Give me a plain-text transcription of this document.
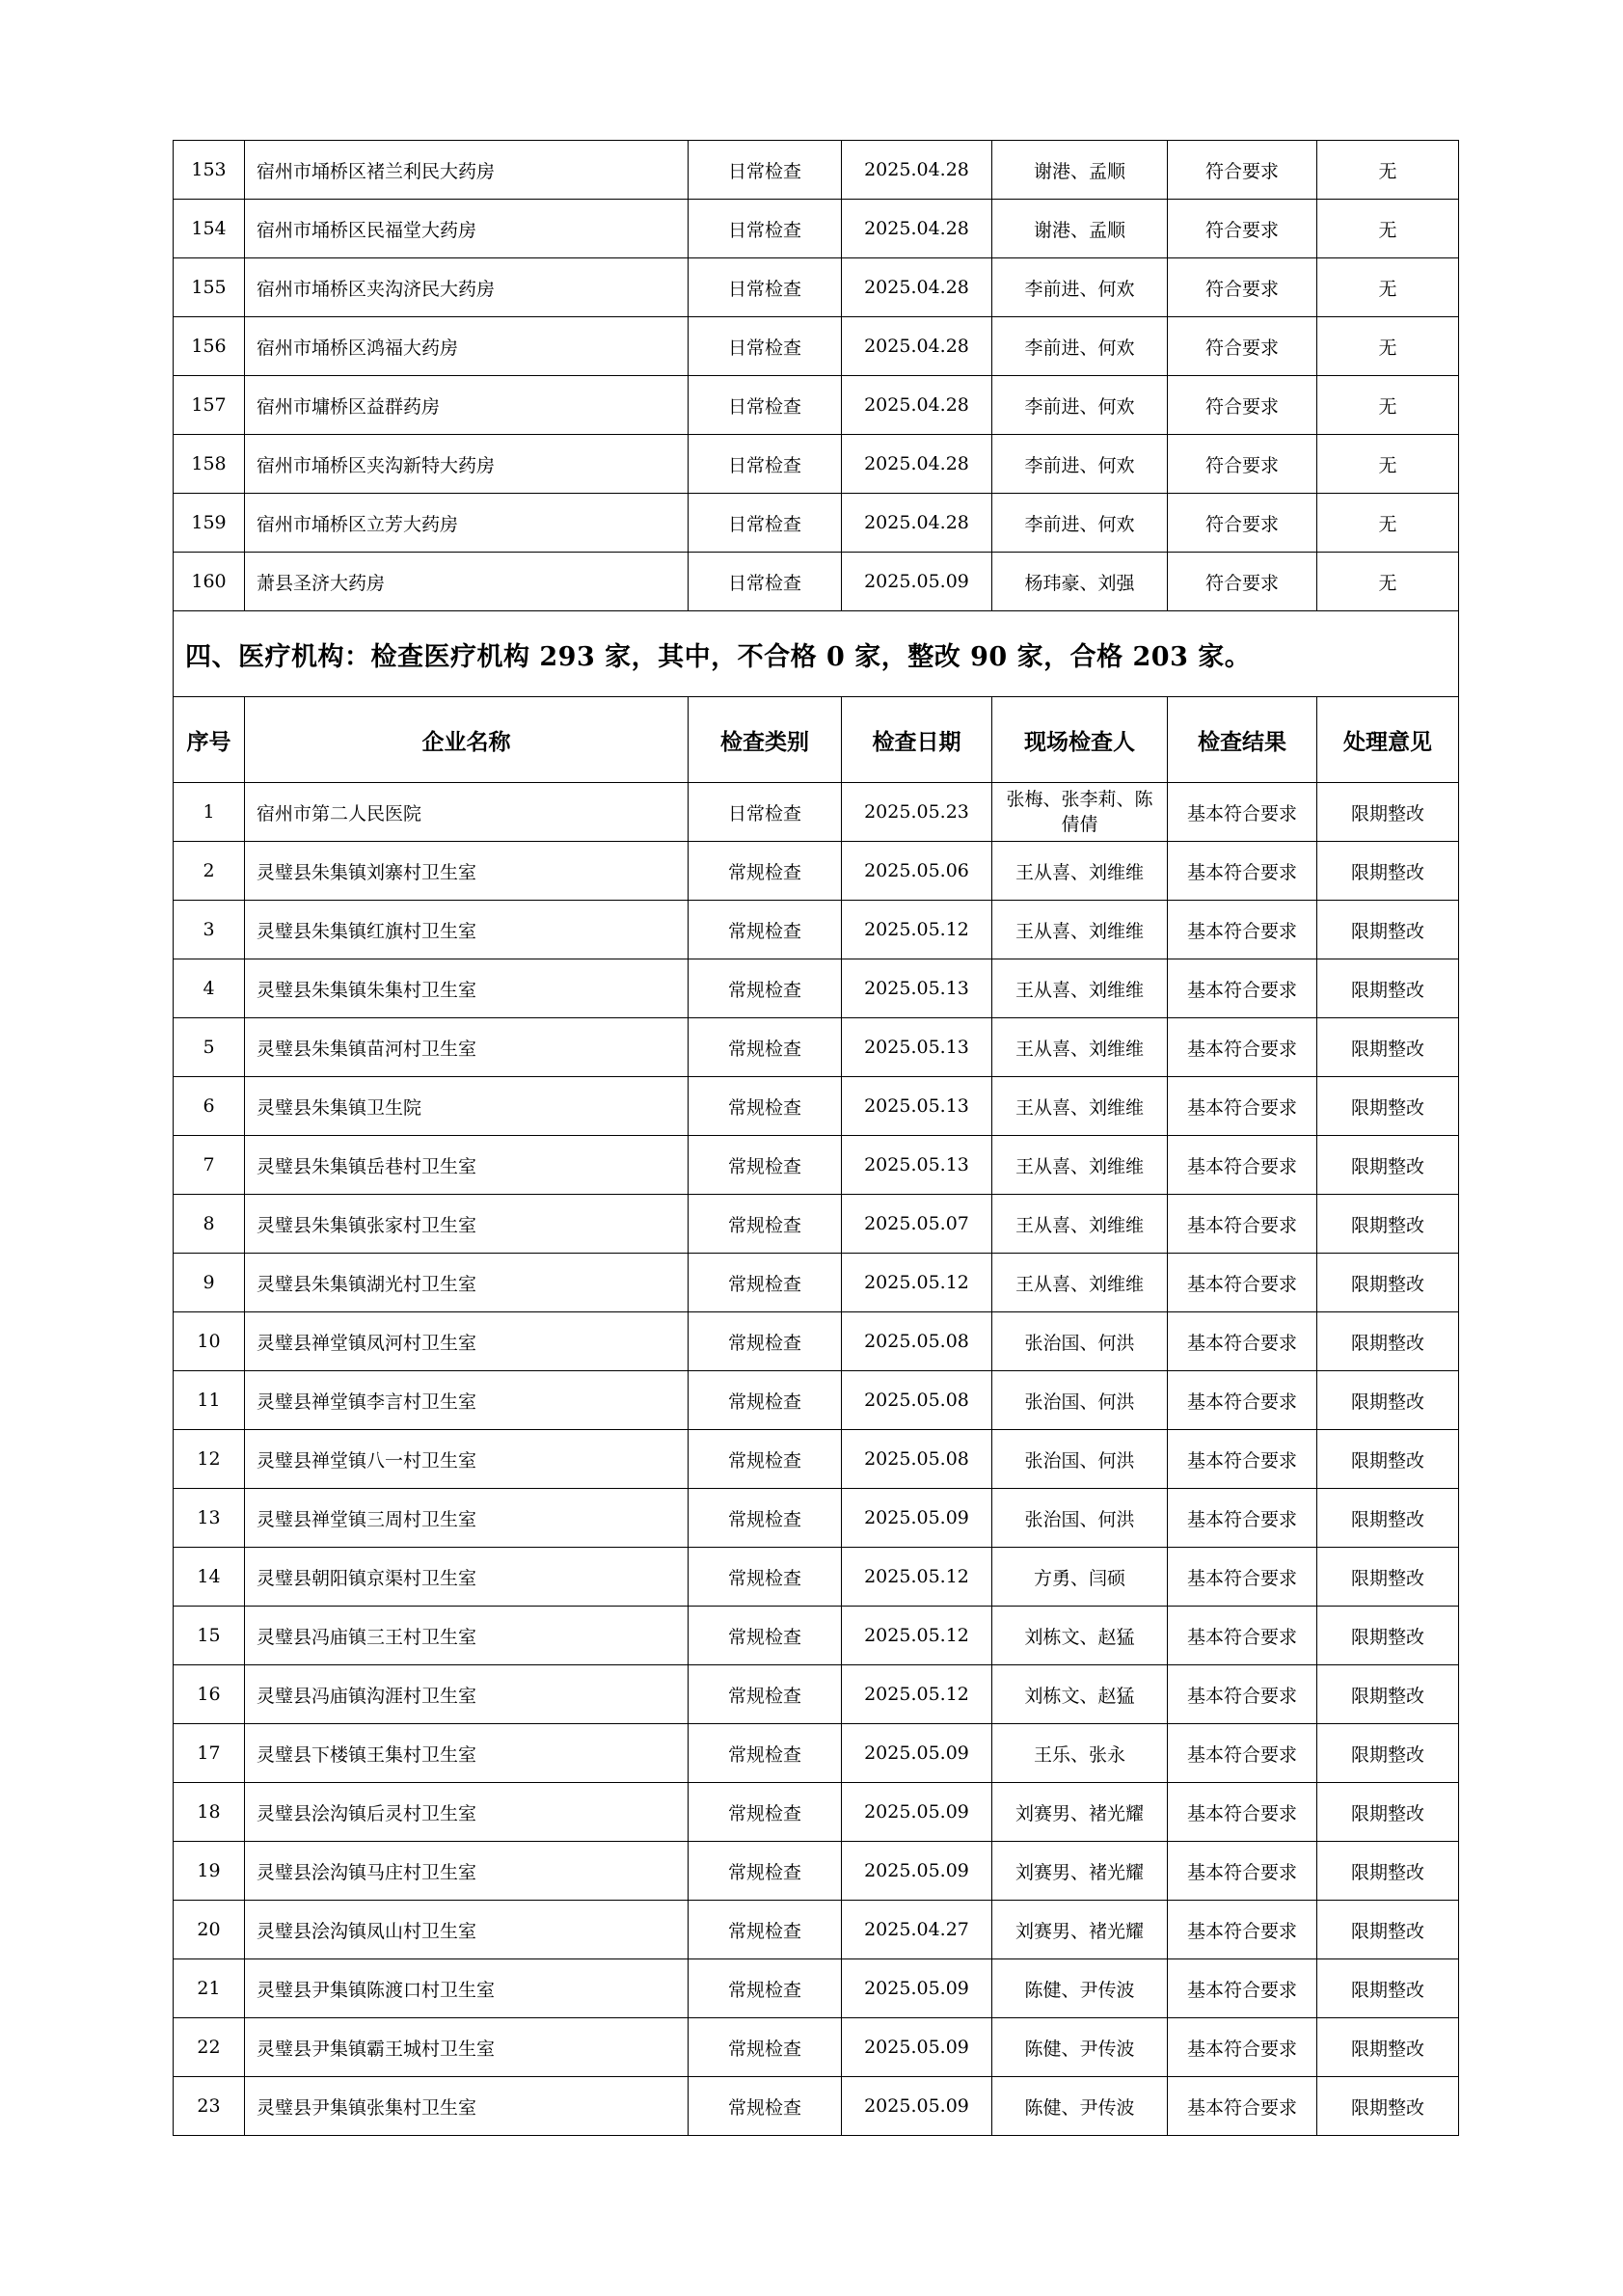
153	宿州市埇桥区褚兰利民大药房	日常检查	2025.04.28	谢港、孟顺	符合要求	无
154	宿州市埇桥区民福堂大药房	日常检查	2025.04.28	谢港、孟顺	符合要求	无
155	宿州市埇桥区夹沟济民大药房	日常检查	2025.04.28	李前进、何欢	符合要求	无
156	宿州市埇桥区鸿福大药房	日常检查	2025.04.28	李前进、何欢	符合要求	无
157	宿州市墉桥区益群药房	日常检查	2025.04.28	李前进、何欢	符合要求	无
158	宿州市埇桥区夹沟新特大药房	日常检查	2025.04.28	李前进、何欢	符合要求	无
159	宿州市埇桥区立芳大药房	日常检查	2025.04.28	李前进、何欢	符合要求	无
160	萧县圣济大药房	日常检查	2025.05.09	杨玮豪、刘强	符合要求	无
四、医疗机构：检查医疗机构 293 家，其中，不合格 0 家，整改 90 家，合格 203 家。						
序号	企业名称	检查类别	检查日期	现场检查人	检查结果	处理意见
1	宿州市第二人民医院	日常检查	2025.05.23	张梅、张李莉、陈倩倩	基本符合要求	限期整改
2	灵璧县朱集镇刘寨村卫生室	常规检查	2025.05.06	王从喜、刘维维	基本符合要求	限期整改
3	灵璧县朱集镇红旗村卫生室	常规检查	2025.05.12	王从喜、刘维维	基本符合要求	限期整改
4	灵璧县朱集镇朱集村卫生室	常规检查	2025.05.13	王从喜、刘维维	基本符合要求	限期整改
5	灵璧县朱集镇苗河村卫生室	常规检查	2025.05.13	王从喜、刘维维	基本符合要求	限期整改
6	灵璧县朱集镇卫生院	常规检查	2025.05.13	王从喜、刘维维	基本符合要求	限期整改
7	灵璧县朱集镇岳巷村卫生室	常规检查	2025.05.13	王从喜、刘维维	基本符合要求	限期整改
8	灵璧县朱集镇张家村卫生室	常规检查	2025.05.07	王从喜、刘维维	基本符合要求	限期整改
9	灵璧县朱集镇湖光村卫生室	常规检查	2025.05.12	王从喜、刘维维	基本符合要求	限期整改
10	灵璧县禅堂镇凤河村卫生室	常规检查	2025.05.08	张治国、何洪	基本符合要求	限期整改
11	灵璧县禅堂镇李言村卫生室	常规检查	2025.05.08	张治国、何洪	基本符合要求	限期整改
12	灵璧县禅堂镇八一村卫生室	常规检查	2025.05.08	张治国、何洪	基本符合要求	限期整改
13	灵璧县禅堂镇三周村卫生室	常规检查	2025.05.09	张治国、何洪	基本符合要求	限期整改
14	灵璧县朝阳镇京渠村卫生室	常规检查	2025.05.12	方勇、闫硕	基本符合要求	限期整改
15	灵璧县冯庙镇三王村卫生室	常规检查	2025.05.12	刘栋文、赵猛	基本符合要求	限期整改
16	灵璧县冯庙镇沟涯村卫生室	常规检查	2025.05.12	刘栋文、赵猛	基本符合要求	限期整改
17	灵璧县下楼镇王集村卫生室	常规检查	2025.05.09	王乐、张永	基本符合要求	限期整改
18	灵璧县浍沟镇后灵村卫生室	常规检查	2025.05.09	刘赛男、褚光耀	基本符合要求	限期整改
19	灵璧县浍沟镇马庄村卫生室	常规检查	2025.05.09	刘赛男、褚光耀	基本符合要求	限期整改
20	灵璧县浍沟镇凤山村卫生室	常规检查	2025.04.27	刘赛男、褚光耀	基本符合要求	限期整改
21	灵璧县尹集镇陈渡口村卫生室	常规检查	2025.05.09	陈健、尹传波	基本符合要求	限期整改
22	灵璧县尹集镇霸王城村卫生室	常规检查	2025.05.09	陈健、尹传波	基本符合要求	限期整改
23	灵璧县尹集镇张集村卫生室	常规检查	2025.05.09	陈健、尹传波	基本符合要求	限期整改
